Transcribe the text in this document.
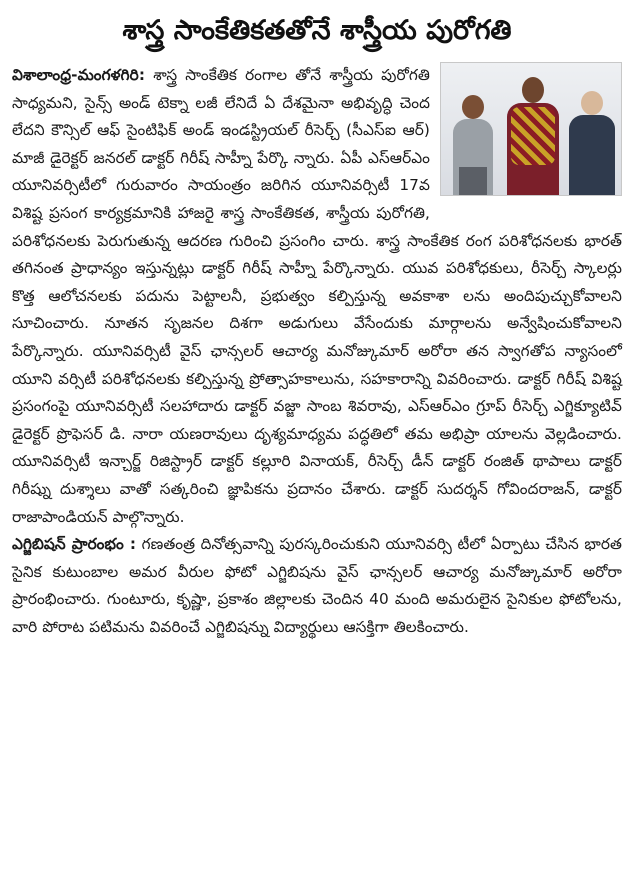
శాస్త్ర సాంకేతికతతోనే శాస్త్రీయ పురోగతి
విశాలాంధ్ర-మంగళగిరి: శాస్త్ర సాంకేతిక రంగాల తోనే శాస్త్రీయ పురోగతి సాధ్యమని, సైన్స్ అండ్ టెక్నా లజీ లేనిదే ఏ దేశమైనా అభివృద్ధి చెంద లేదని కౌన్సిల్ ఆఫ్ సైంటిఫిక్ అండ్ ఇండస్ట్రియల్ రీసెర్చ్ (సీఎస్ఐ ఆర్) మాజీ డైరెక్టర్ జనరల్ డాక్టర్ గిరీష్ సాహ్నీ పేర్కొ న్నారు. ఏపీ ఎస్ఆర్ఎం యూనివర్సిటీలో గురువారం సాయంత్రం జరిగిన యూనివర్సిటీ 17వ విశిష్ట ప్రసంగ కార్యక్రమానికి హాజరై శాస్త్ర సాంకేతికత, శాస్త్రీయ పురోగతి, పరిశోధనలకు పెరుగుతున్న ఆదరణ గురించి ప్రసంగిం చారు. శాస్త్ర సాంకేతిక రంగ పరిశోధనలకు భారత్ తగినంత ప్రాధాన్యం ఇస్తున్నట్లు డాక్టర్ గిరీష్ సాహ్నీ పేర్కొన్నారు. యువ పరిశోధకులు, రీసెర్చ్ స్కాలర్లు కొత్త ఆలోచనలకు పదును పెట్టాలనీ, ప్రభుత్వం కల్పిస్తున్న అవకాశా లను అందిపుచ్చుకోవాలని సూచించారు. నూతన సృజనల దిశగా అడుగులు వేసేందుకు మార్గాలను అన్వేషించుకోవాలని పేర్కొన్నారు. యూనివర్సిటీ వైస్ ఛాన్సలర్ ఆచార్య మనోజ్కుమార్ అరోరా తన స్వాగతోప న్యాసంలో యూని వర్సిటీ పరిశోధనలకు కల్పిస్తున్న ప్రోత్సాహకాలును, సహకారాన్ని వివరించారు. డాక్టర్ గిరీష్ విశిష్ట ప్రసంగంపై యూనివర్సిటీ సలహాదారు డాక్టర్ వజ్జా సాంబ శివరావు, ఎస్ఆర్ఎం గ్రూప్ రీసెర్చ్ ఎగ్జిక్యూటివ్ డైరెక్టర్ ప్రొఫెసర్ డి. నారా యణరావులు దృశ్యమాధ్యమ పద్ధతిలో తమ అభిప్రా యాలను వెల్లడించారు. యూనివర్సిటీ ఇన్చార్జ్ రిజిస్ట్రార్ డాక్టర్ కల్లూరి వినాయక్, రీసెర్చ్ డీన్ డాక్టర్ రంజిత్ థాపాలు డాక్టర్ గిరీష్ను దుశ్శాలు వాతో సత్కరించి జ్ఞాపికను ప్రదానం చేశారు. డాక్టర్ సుదర్శన్ గోవిందరాజన్, డాక్టర్ రాజాపాండియన్ పాల్గొన్నారు.
ఎగ్జిబిషన్ ప్రారంభం : గణతంత్ర దినోత్సవాన్ని పురస్కరించుకుని యూనివర్సి టీలో ఏర్పాటు చేసిన భారత సైనిక కుటుంబాల అమర వీరుల ఫోటో ఎగ్జిబిషను వైస్ ఛాన్సలర్ ఆచార్య మనోజ్కుమార్ అరోరా ప్రారంభించారు. గుంటూరు, కృష్ణా, ప్రకాశం జిల్లాలకు చెందిన 40 మంది అమరులైన సైనికుల ఫోటోలను, వారి పోరాట పటిమను వివరించే ఎగ్జిబిషన్ను విద్యార్థులు ఆసక్తిగా తిలకించారు.
